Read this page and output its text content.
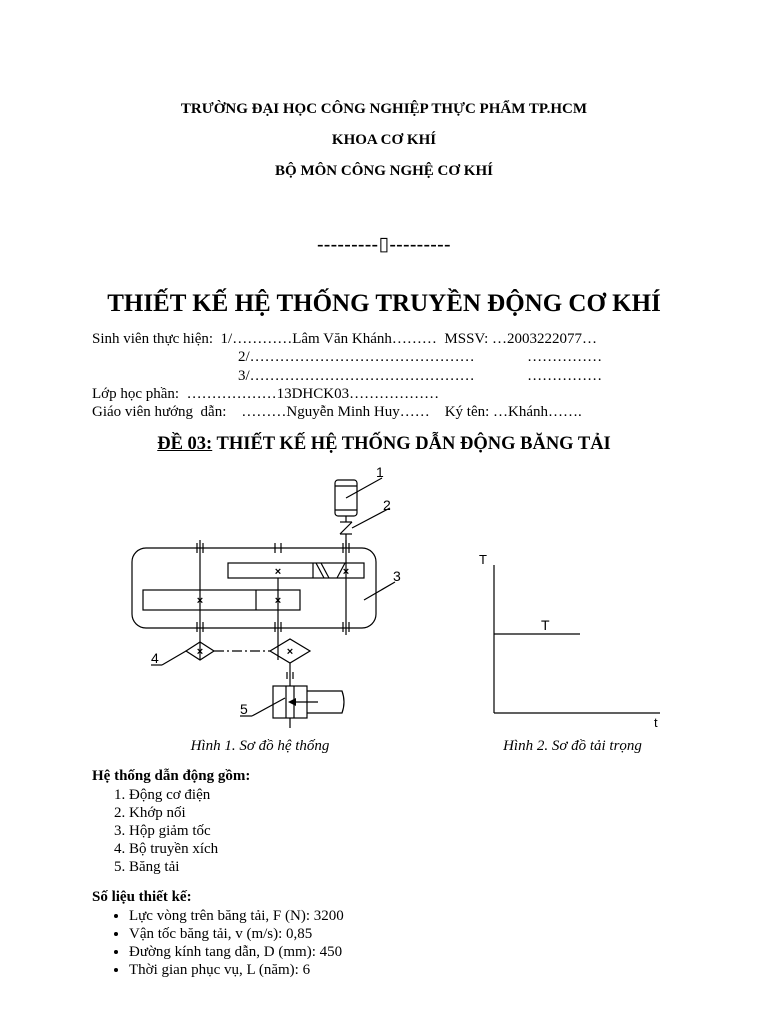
TRƯỜNG ĐẠI HỌC CÔNG NGHIỆP THỰC PHẨM TP.HCM
KHOA CƠ KHÍ
BỘ MÔN CÔNG NGHỆ CƠ KHÍ
---------▯---------
THIẾT KẾ HỆ THỐNG TRUYỀN ĐỘNG CƠ KHÍ
Sinh viên thực hiện:  1/…………Lâm Văn Khánh………  MSSV: …2003222077…
2/………………………………………              ……………
3/………………………………………              ……………
Lớp học phần:  ………………13DHCK03………………
Giáo viên hướng  dẫn:    ………Nguyễn Minh Huy……    Ký tên: …Khánh…….
ĐỀ 03: THIẾT KẾ HỆ THỐNG DẪN ĐỘNG BĂNG TẢI
×	×
×	×
×	×
1
2
3
4
5
Hình 1. Sơ đồ hệ thống
T
t
T
Hình 2. Sơ đồ tải trọng
Hệ thống dẫn động gồm:
1. Động cơ điện
2. Khớp nối
3. Hộp giảm tốc
4. Bộ truyền xích
5. Băng tải
Số liệu thiết kế:
• Lực vòng trên băng tải, F (N): 3200
• Vận tốc băng tải, v (m/s): 0,85
• Đường kính tang dẫn, D (mm): 450
• Thời gian phục vụ, L (năm): 6
